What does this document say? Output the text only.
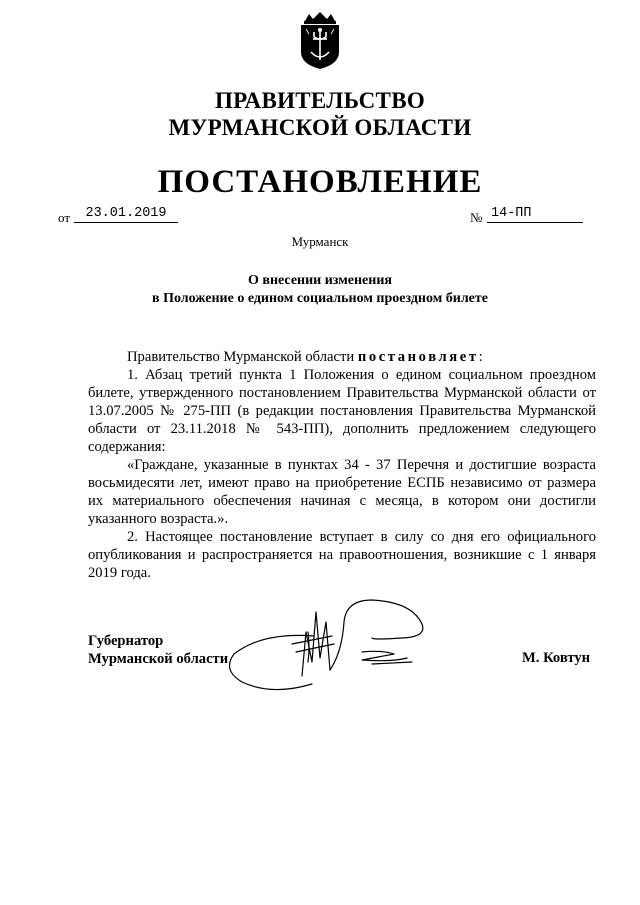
ПРАВИТЕЛЬСТВО
МУРМАНСКОЙ ОБЛАСТИ
ПОСТАНОВЛЕНИЕ
от	23.01.2019	№ 14-ПП
Мурманск
О внесении изменения
в Положение о едином социальном проездном билете

Правительство Мурманской области постановляет:

1. Абзац третий пункта 1 Положения о едином социальном проездном билете, утвержденного постановлением Правительства Мурманской области от 13.07.2005 № 275-ПП (в редакции постановления Правительства Мурманской области от 23.11.2018 № 543-ПП), дополнить предложением следующего содержания:

«Граждане, указанные в пунктах 34 - 37 Перечня и достигшие возраста восьмидесяти лет, имеют право на приобретение ЕСПБ независимо от размера их материального обеспечения начиная с месяца, в котором они достигли указанного возраста.».

2. Настоящее постановление вступает в силу со дня его официального опубликования и распространяется на правоотношения, возникшие с 1 января 2019 года.

Губернатор
Мурманской области	М. Ковтун
